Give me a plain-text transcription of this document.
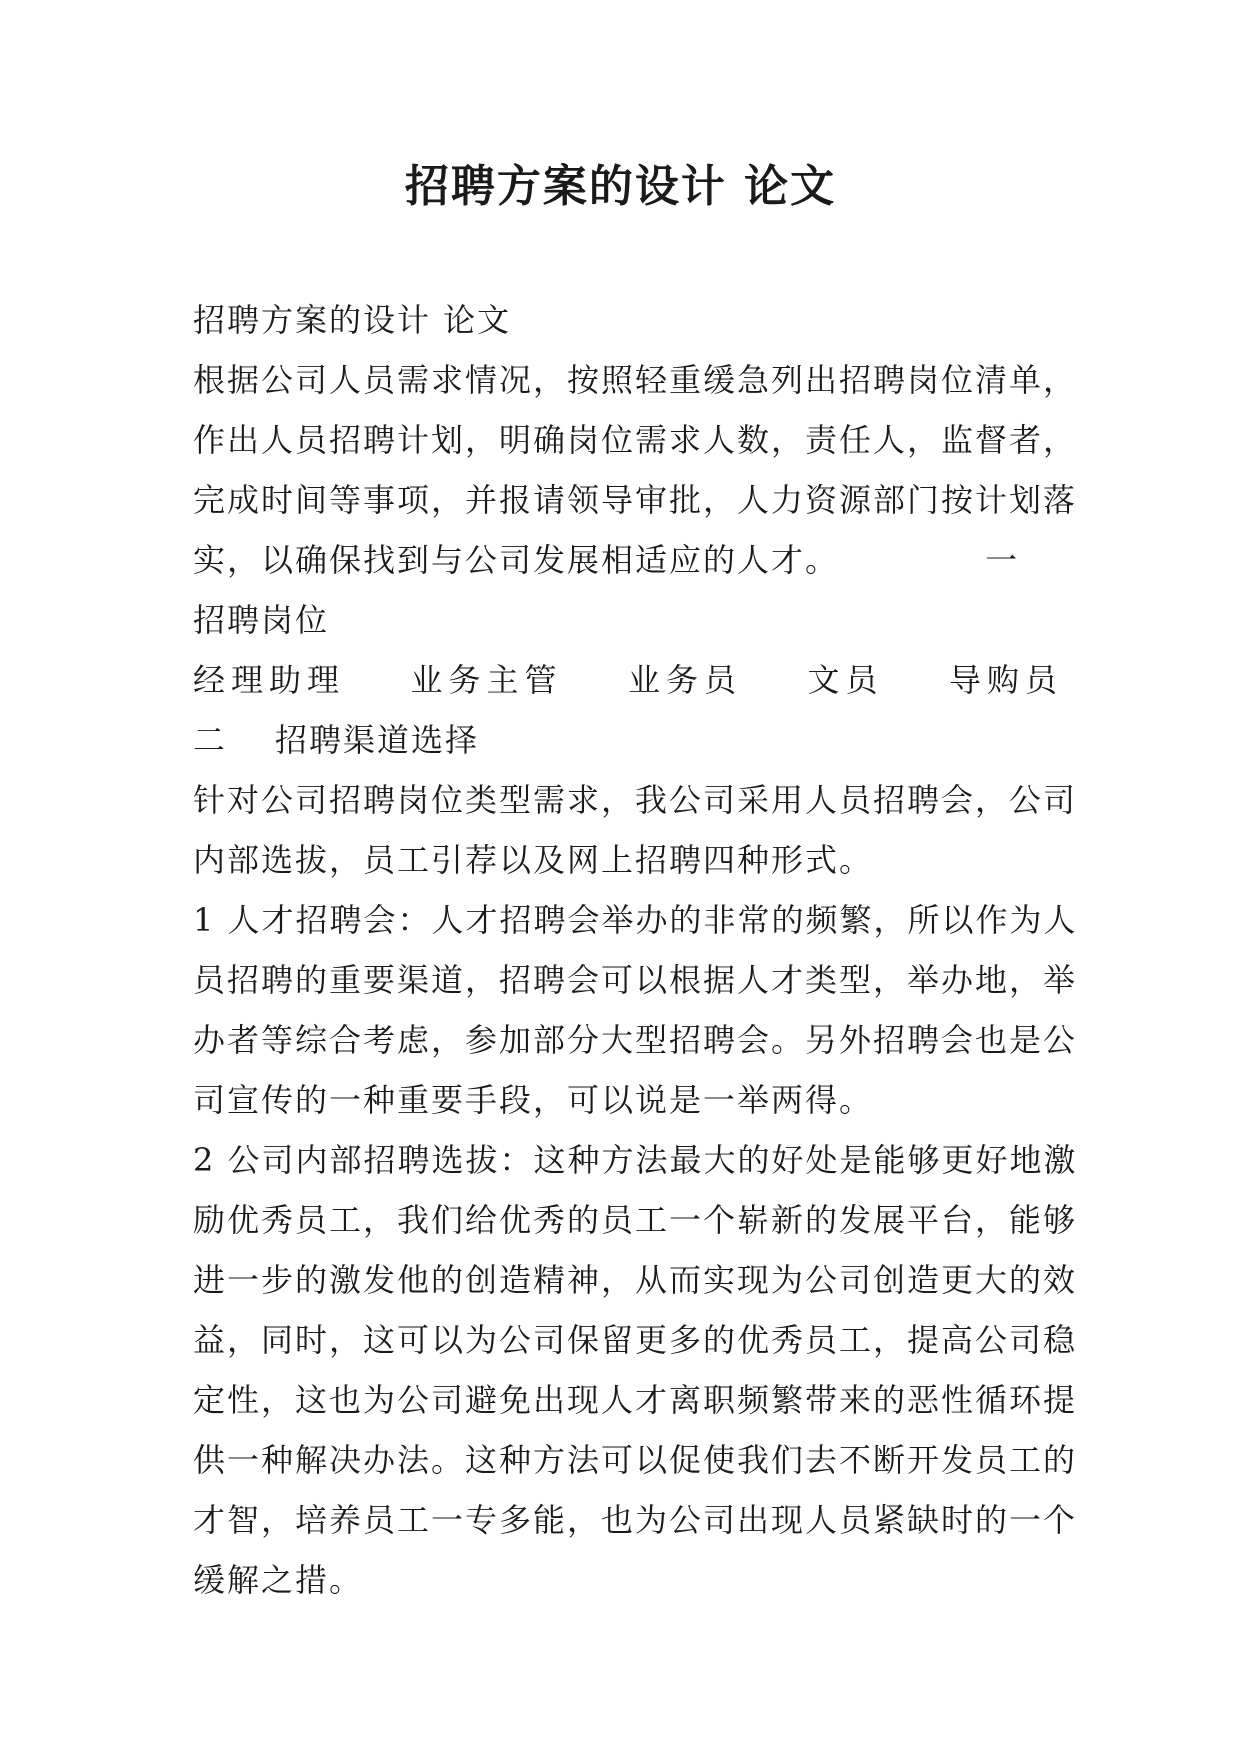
招聘方案的设计 论文
招聘方案的设计 论文
根据公司人员需求情况，按照轻重缓急列出招聘岗位清单，
作出人员招聘计划，明确岗位需求人数，责任人，监督者，
完成时间等事项，并报请领导审批，人力资源部门按计划落
实，以确保找到与公司发展相适应的人才。            一
招聘岗位
经理助理 业务主管 业务员 文员 导购员
二	招聘渠道选择
针对公司招聘岗位类型需求，我公司采用人员招聘会，公司
内部选拔，员工引荐以及网上招聘四种形式。
1 人才招聘会：人才招聘会举办的非常的频繁，所以作为人
员招聘的重要渠道，招聘会可以根据人才类型，举办地，举
办者等综合考虑，参加部分大型招聘会。另外招聘会也是公
司宣传的一种重要手段，可以说是一举两得。
2 公司内部招聘选拔：这种方法最大的好处是能够更好地激
励优秀员工，我们给优秀的员工一个崭新的发展平台，能够
进一步的激发他的创造精神，从而实现为公司创造更大的效
益，同时，这可以为公司保留更多的优秀员工，提高公司稳
定性，这也为公司避免出现人才离职频繁带来的恶性循环提
供一种解决办法。这种方法可以促使我们去不断开发员工的
才智，培养员工一专多能，也为公司出现人员紧缺时的一个
缓解之措。
